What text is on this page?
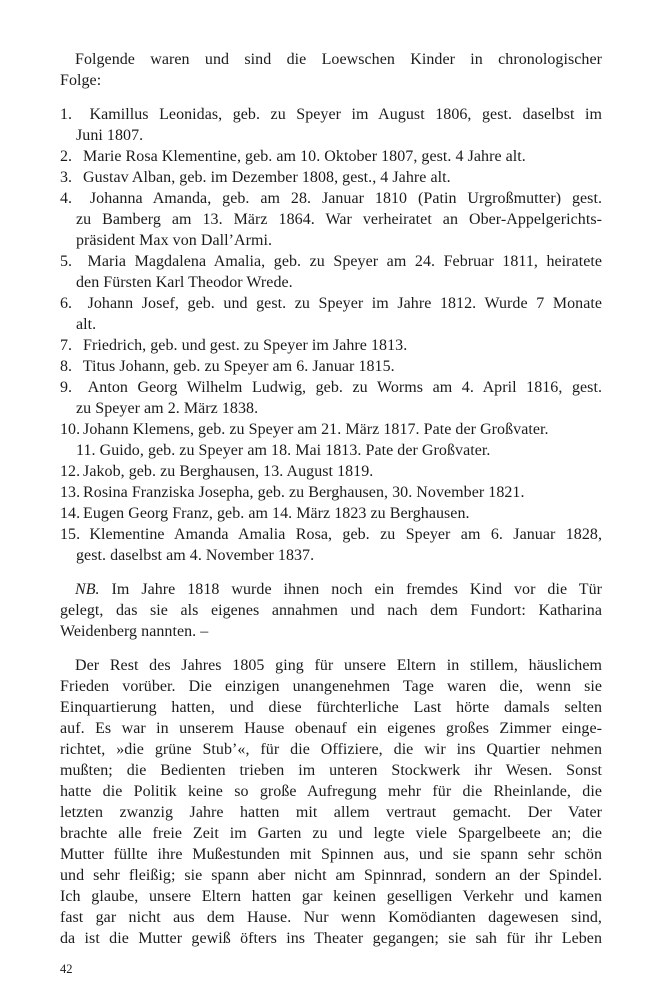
Folgende waren und sind die Loewschen Kinder in chronologischer
Folge:
1. Kamillus Leonidas, geb. zu Speyer im August 1806, gest. daselbst im
Juni 1807.
2. Marie Rosa Klementine, geb. am 10. Oktober 1807, gest. 4 Jahre alt.
3. Gustav Alban, geb. im Dezember 1808, gest., 4 Jahre alt.
4. Johanna Amanda, geb. am 28. Januar 1810 (Patin Urgroßmutter) gest.
zu Bamberg am 13. März 1864. War verheiratet an Ober-Appelgerichts-
präsident Max von Dall’Armi.
5. Maria Magdalena Amalia, geb. zu Speyer am 24. Februar 1811, heiratete
den Fürsten Karl Theodor Wrede.
6. Johann Josef, geb. und gest. zu Speyer im Jahre 1812. Wurde 7 Monate
alt.
7. Friedrich, geb. und gest. zu Speyer im Jahre 1813.
8. Titus Johann, geb. zu Speyer am 6. Januar 1815.
9. Anton Georg Wilhelm Ludwig, geb. zu Worms am 4. April 1816, gest.
zu Speyer am 2. März 1838.
10. Johann Klemens, geb. zu Speyer am 21. März 1817. Pate der Großvater.
11. Guido, geb. zu Speyer am 18. Mai 1813. Pate der Großvater.
12. Jakob, geb. zu Berghausen, 13. August 1819.
13. Rosina Franziska Josepha, geb. zu Berghausen, 30. November 1821.
14. Eugen Georg Franz, geb. am 14. März 1823 zu Berghausen.
15. Klementine Amanda Amalia Rosa, geb. zu Speyer am 6. Januar 1828,
gest. daselbst am 4. November 1837.
NB. Im Jahre 1818 wurde ihnen noch ein fremdes Kind vor die Tür
gelegt, das sie als eigenes annahmen und nach dem Fundort: Katharina
Weidenberg nannten. –
Der Rest des Jahres 1805 ging für unsere Eltern in stillem, häuslichem
Frieden vorüber. Die einzigen unangenehmen Tage waren die, wenn sie
Einquartierung hatten, und diese fürchterliche Last hörte damals selten
auf. Es war in unserem Hause obenauf ein eigenes großes Zimmer einge-
richtet, »die grüne Stub’«, für die Offiziere, die wir ins Quartier nehmen
mußten; die Bedienten trieben im unteren Stockwerk ihr Wesen. Sonst
hatte die Politik keine so große Aufregung mehr für die Rheinlande, die
letzten zwanzig Jahre hatten mit allem vertraut gemacht. Der Vater
brachte alle freie Zeit im Garten zu und legte viele Spargelbeete an; die
Mutter füllte ihre Mußestunden mit Spinnen aus, und sie spann sehr schön
und sehr fleißig; sie spann aber nicht am Spinnrad, sondern an der Spindel.
Ich glaube, unsere Eltern hatten gar keinen geselligen Verkehr und kamen
fast gar nicht aus dem Hause. Nur wenn Komödianten dagewesen sind,
da ist die Mutter gewiß öfters ins Theater gegangen; sie sah für ihr Leben
42
